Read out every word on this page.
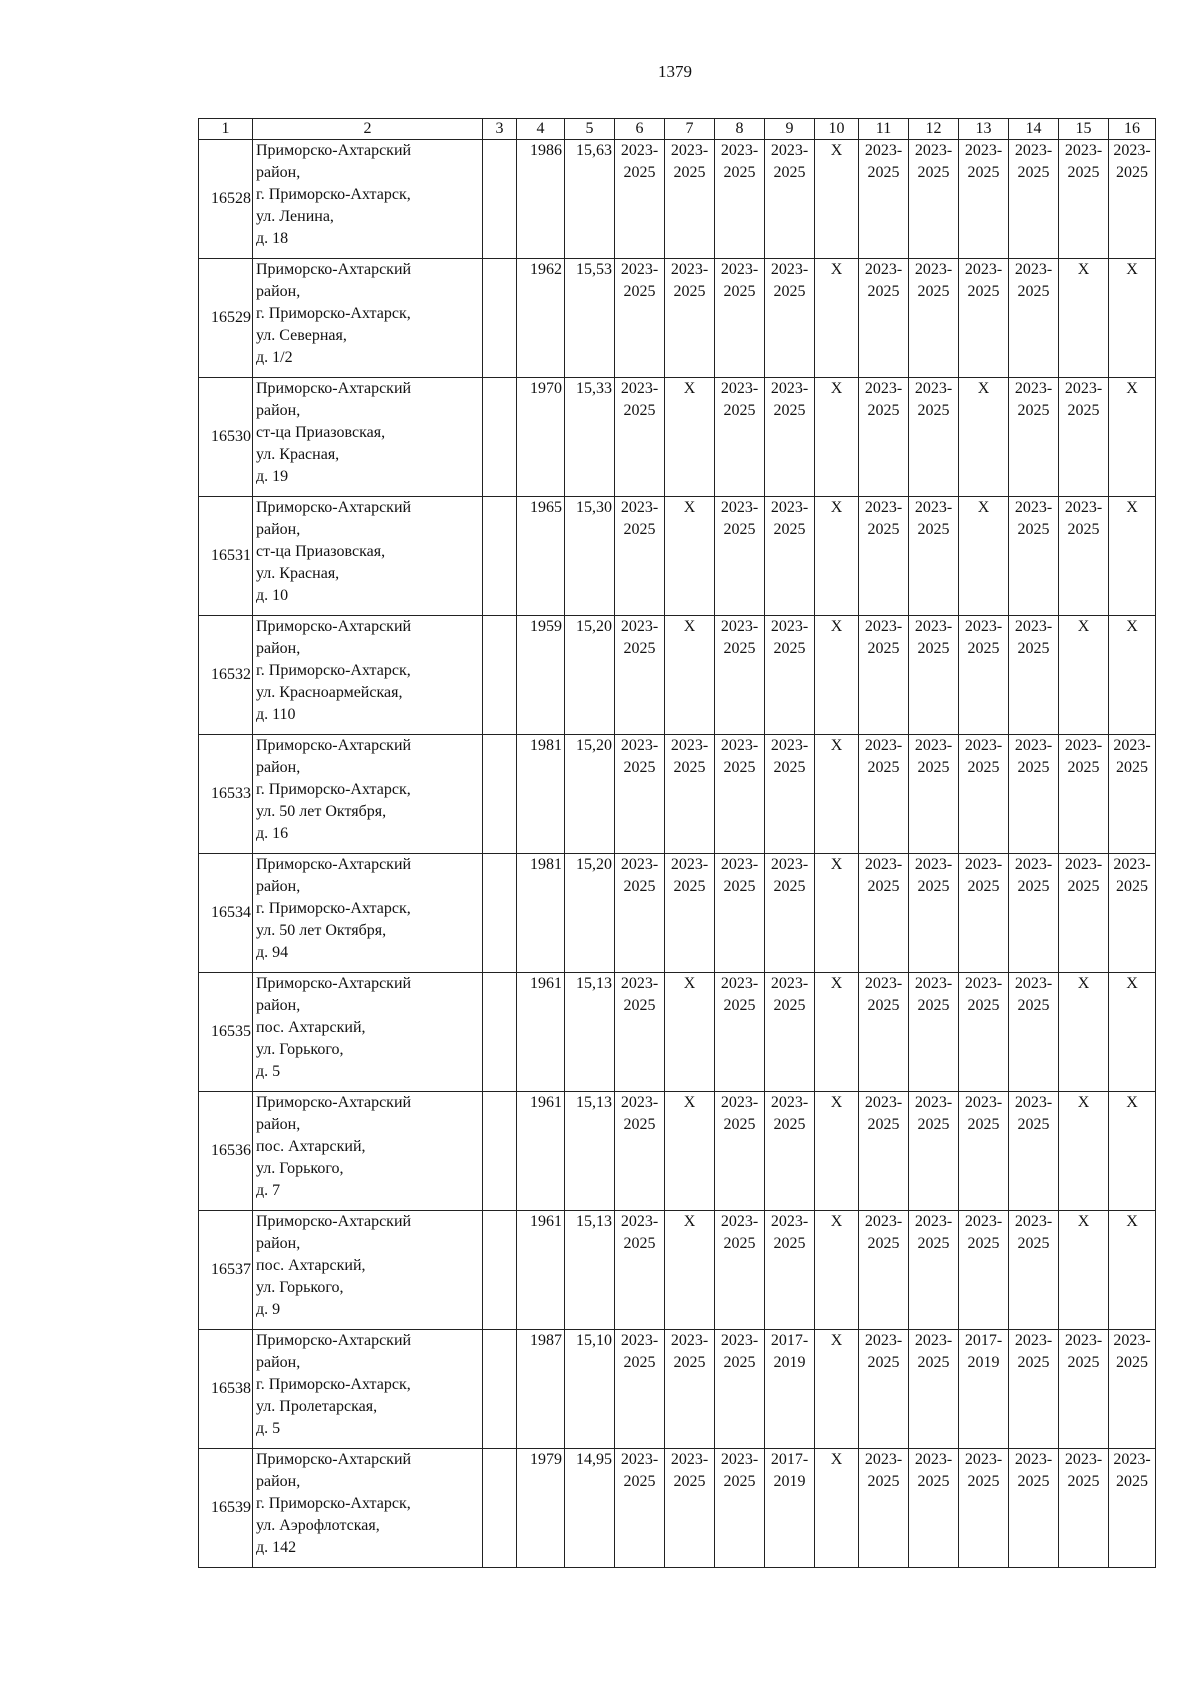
1379
1	2	3	4	5	6	7	8	9	10	11	12	13	14	15	16
16528	Приморско-Ахтарский
район,
г. Приморско-Ахтарск,
ул. Ленина,
д. 18		1986	15,63	2023-
2025	2023-
2025	2023-
2025	2023-
2025	X	2023-
2025	2023-
2025	2023-
2025	2023-
2025	2023-
2025	2023-
2025

16529	Приморско-Ахтарский
район,
г. Приморско-Ахтарск,
ул. Северная,
д. 1/2		1962	15,53	2023-
2025	2023-
2025	2023-
2025	2023-
2025	X	2023-
2025	2023-
2025	2023-
2025	2023-
2025	X	X

16530	Приморско-Ахтарский
район,
ст-ца Приазовская,
ул. Красная,
д. 19		1970	15,33	2023-
2025	X	2023-
2025	2023-
2025	X	2023-
2025	2023-
2025	X	2023-
2025	2023-
2025	X

16531	Приморско-Ахтарский
район,
ст-ца Приазовская,
ул. Красная,
д. 10		1965	15,30	2023-
2025	X	2023-
2025	2023-
2025	X	2023-
2025	2023-
2025	X	2023-
2025	2023-
2025	X

16532	Приморско-Ахтарский
район,
г. Приморско-Ахтарск,
ул. Красноармейская,
д. 110		1959	15,20	2023-
2025	X	2023-
2025	2023-
2025	X	2023-
2025	2023-
2025	2023-
2025	2023-
2025	X	X

16533	Приморско-Ахтарский
район,
г. Приморско-Ахтарск,
ул. 50 лет Октября,
д. 16		1981	15,20	2023-
2025	2023-
2025	2023-
2025	2023-
2025	X	2023-
2025	2023-
2025	2023-
2025	2023-
2025	2023-
2025	2023-
2025

16534	Приморско-Ахтарский
район,
г. Приморско-Ахтарск,
ул. 50 лет Октября,
д. 94		1981	15,20	2023-
2025	2023-
2025	2023-
2025	2023-
2025	X	2023-
2025	2023-
2025	2023-
2025	2023-
2025	2023-
2025	2023-
2025

16535	Приморско-Ахтарский
район,
пос. Ахтарский,
ул. Горького,
д. 5		1961	15,13	2023-
2025	X	2023-
2025	2023-
2025	X	2023-
2025	2023-
2025	2023-
2025	2023-
2025	X	X

16536	Приморско-Ахтарский
район,
пос. Ахтарский,
ул. Горького,
д. 7		1961	15,13	2023-
2025	X	2023-
2025	2023-
2025	X	2023-
2025	2023-
2025	2023-
2025	2023-
2025	X	X

16537	Приморско-Ахтарский
район,
пос. Ахтарский,
ул. Горького,
д. 9		1961	15,13	2023-
2025	X	2023-
2025	2023-
2025	X	2023-
2025	2023-
2025	2023-
2025	2023-
2025	X	X

16538	Приморско-Ахтарский
район,
г. Приморско-Ахтарск,
ул. Пролетарская,
д. 5		1987	15,10	2023-
2025	2023-
2025	2023-
2025	2017-
2019	X	2023-
2025	2023-
2025	2017-
2019	2023-
2025	2023-
2025	2023-
2025

16539	Приморско-Ахтарский
район,
г. Приморско-Ахтарск,
ул. Аэрофлотская,
д. 142		1979	14,95	2023-
2025	2023-
2025	2023-
2025	2017-
2019	X	2023-
2025	2023-
2025	2023-
2025	2023-
2025	2023-
2025	2023-
2025
